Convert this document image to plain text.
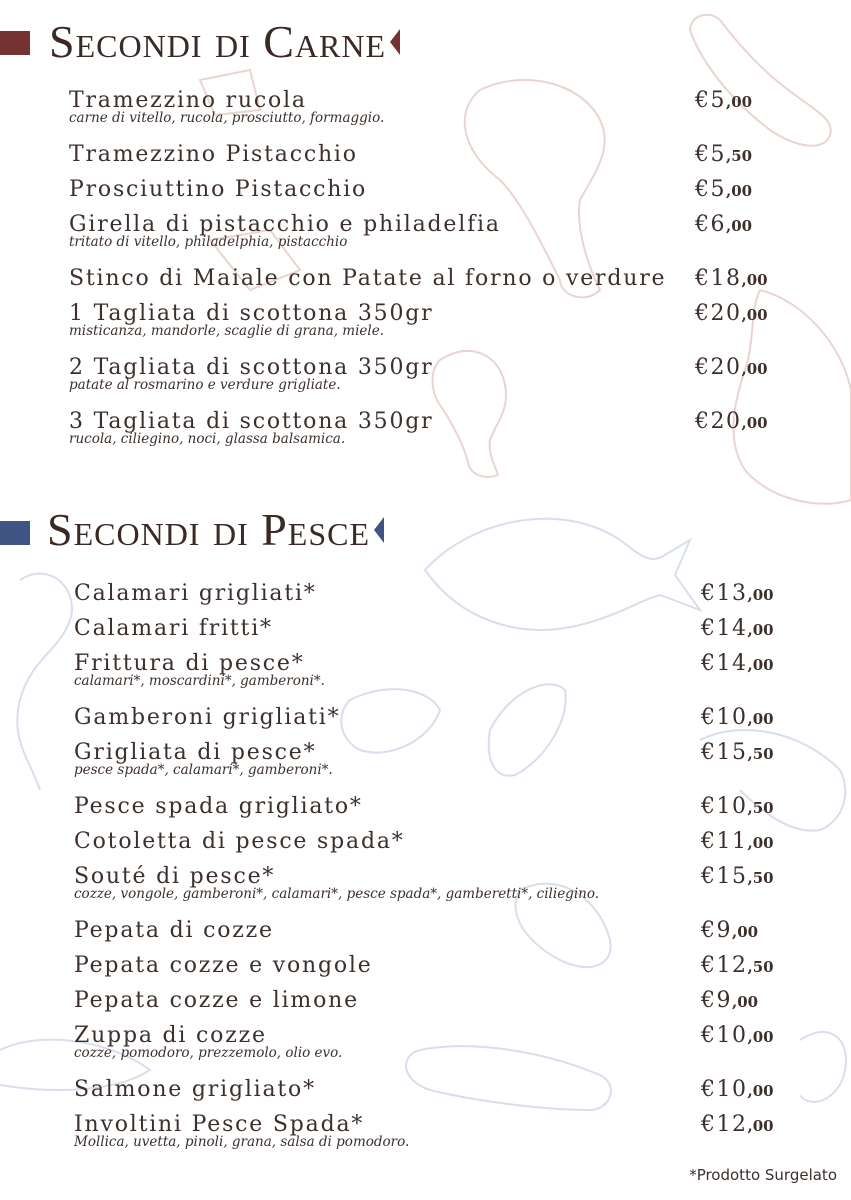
Secondi di Carne
Tramezzino rucola
carne di vitello, rucola, prosciutto, formaggio.
€5,00
Tramezzino Pistacchio	€5,50
Prosciuttino Pistacchio	€5,00
Girella di pistacchio e philadelfia
tritato di vitello, philadelphia, pistacchio
€6,00
Stinco di Maiale con Patate al forno o verdure €18,00
1 Tagliata di scottona 350gr
misticanza, mandorle, scaglie di grana, miele.
€20,00
2 Tagliata di scottona 350gr
patate al rosmarino e verdure grigliate.
€20,00
3 Tagliata di scottona 350gr
rucola, ciliegino, noci, glassa balsamica.
€20,00
Secondi di Pesce
Calamari grigliati*	€13,00
Calamari fritti*	€14,00
Frittura di pesce*
calamari*, moscardini*, gamberoni*.
€14,00
Gamberoni grigliati*	€10,00
Grigliata di pesce*
pesce spada*, calamari*, gamberoni*.
€15,50
Pesce spada grigliato*	€10,50
Cotoletta di pesce spada*	€11,00
Souté di pesce*
cozze, vongole, gamberoni*, calamari*, pesce spada*, gamberetti*, ciliegino.
€15,50
Pepata di cozze	€9,00
Pepata cozze e vongole	€12,50
Pepata cozze e limone	€9,00
Zuppa di cozze
cozze, pomodoro, prezzemolo, olio evo.
€10,00
Salmone grigliato*	€10,00
Involtini Pesce Spada*
Mollica, uvetta, pinoli, grana, salsa di pomodoro.
€12,00
*Prodotto Surgelato
